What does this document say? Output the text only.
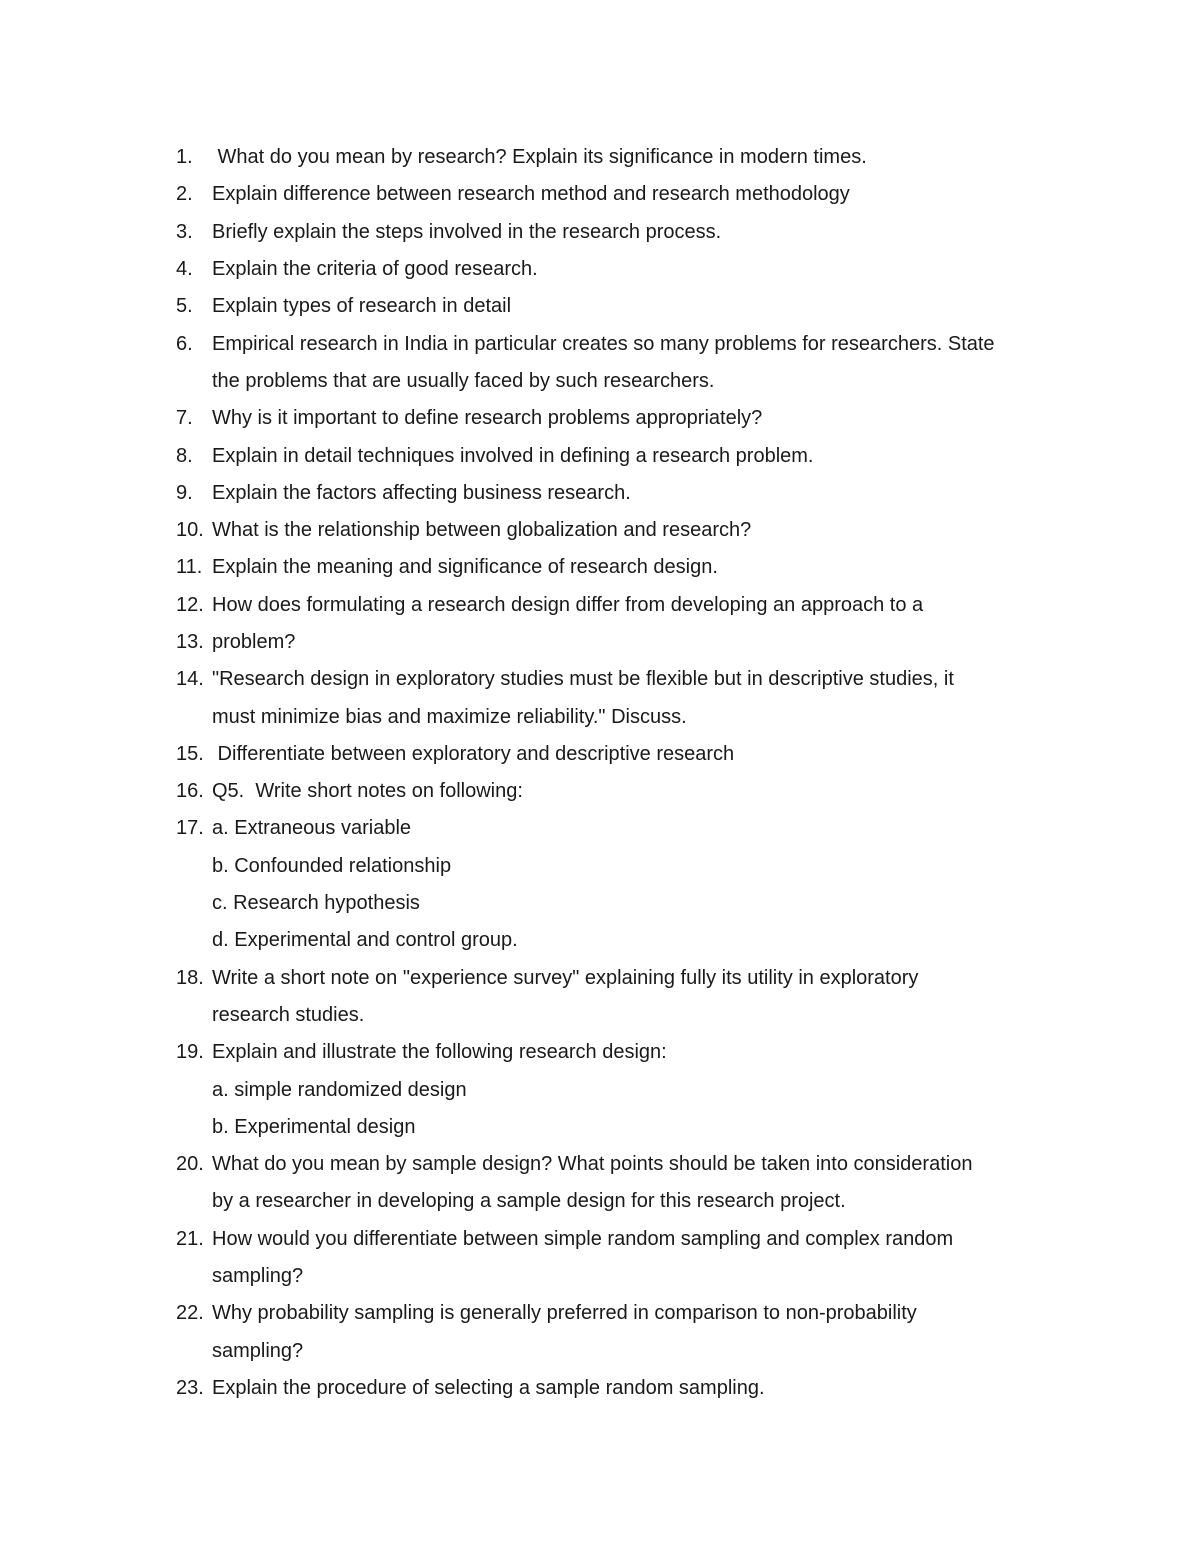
1. What do you mean by research? Explain its significance in modern times.
2. Explain difference between research method and research methodology
3. Briefly explain the steps involved in the research process.
4. Explain the criteria of good research.
5. Explain types of research in detail
6. Empirical research in India in particular creates so many problems for researchers. State
the problems that are usually faced by such researchers.
7. Why is it important to define research problems appropriately?
8. Explain in detail techniques involved in defining a research problem.
9. Explain the factors affecting business research.
10. What is the relationship between globalization and research?
11. Explain the meaning and significance of research design.
12. How does formulating a research design differ from developing an approach to a
13. problem?
14. "Research design in exploratory studies must be flexible but in descriptive studies, it
must minimize bias and maximize reliability." Discuss.
15. Differentiate between exploratory and descriptive research
16. Q5.  Write short notes on following:
17. a. Extraneous variable
b. Confounded relationship
c. Research hypothesis
d. Experimental and control group.
18. Write a short note on "experience survey" explaining fully its utility in exploratory
research studies.
19. Explain and illustrate the following research design:
a. simple randomized design
b. Experimental design
20. What do you mean by sample design? What points should be taken into consideration
by a researcher in developing a sample design for this research project.
21. How would you differentiate between simple random sampling and complex random
sampling?
22. Why probability sampling is generally preferred in comparison to non-probability
sampling?
23. Explain the procedure of selecting a sample random sampling.
